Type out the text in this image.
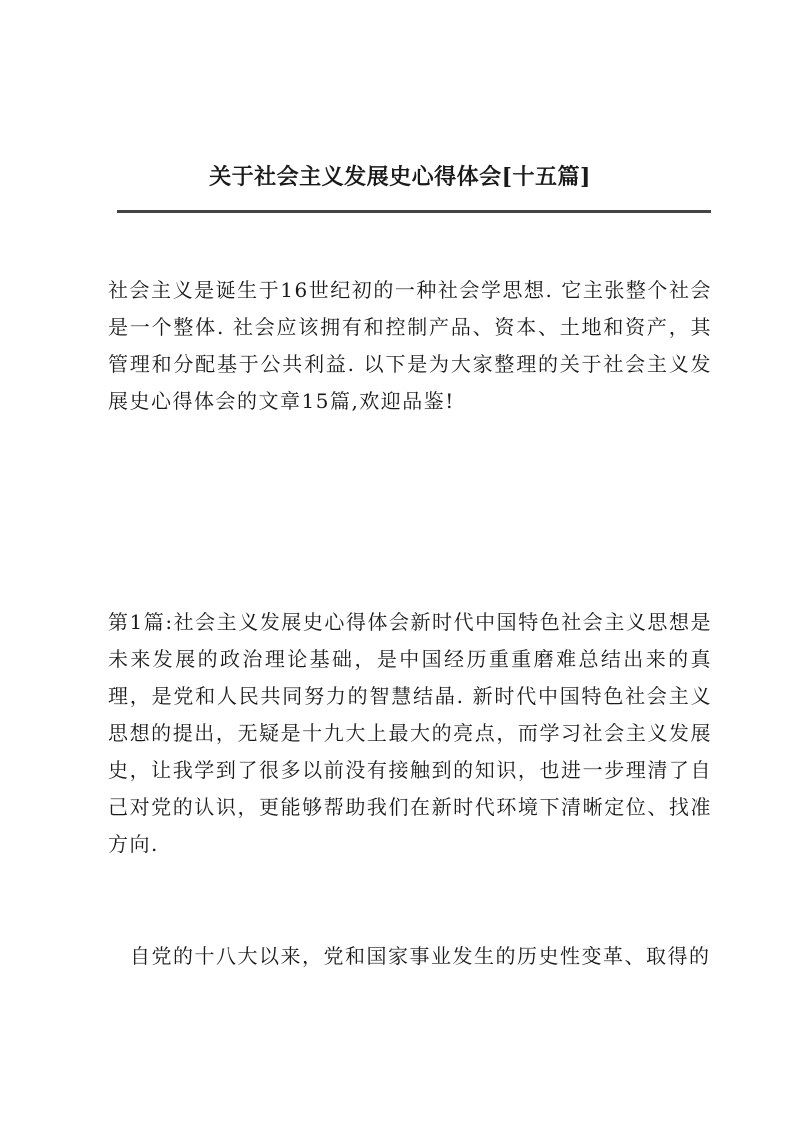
关于社会主义发展史心得体会[十五篇]

社会主义是诞生于16世纪初的一种社会学思想. 它主张整个社会是一个整体. 社会应该拥有和控制产品、资本、土地和资产，其管理和分配基于公共利益. 以下是为大家整理的关于社会主义发展史心得体会的文章15篇,欢迎品鉴!

第1篇:社会主义发展史心得体会新时代中国特色社会主义思想是未来发展的政治理论基础，是中国经历重重磨难总结出来的真理，是党和人民共同努力的智慧结晶. 新时代中国特色社会主义思想的提出，无疑是十九大上最大的亮点，而学习社会主义发展史，让我学到了很多以前没有接触到的知识，也进一步理清了自己对党的认识，更能够帮助我们在新时代环境下清晰定位、找准方向.

自党的十八大以来，党和国家事业发生的历史性变革、取得的
